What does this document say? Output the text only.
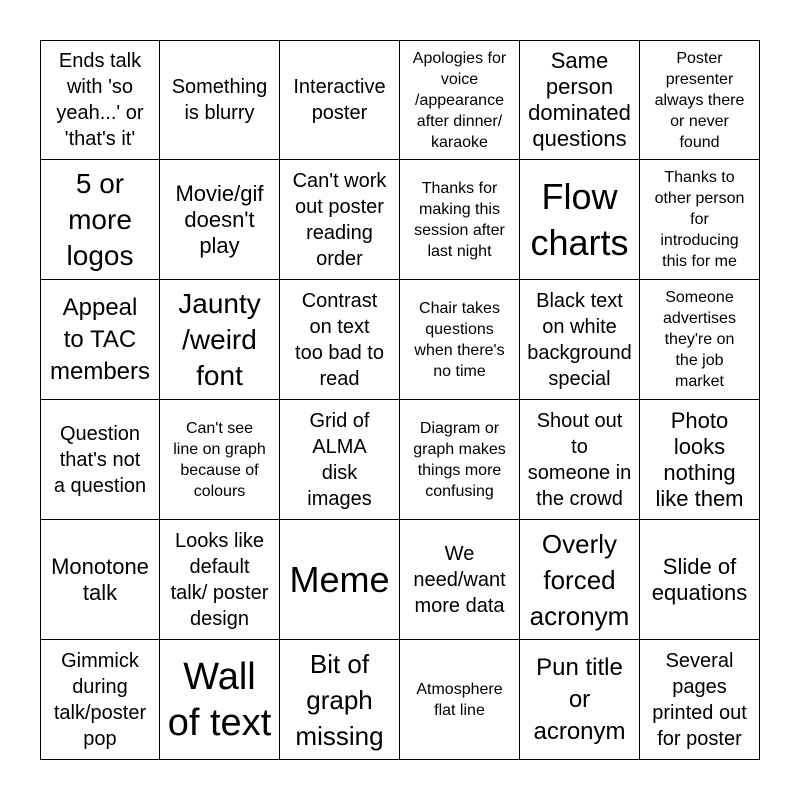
Ends talk
with 'so
yeah...' or
'that's it'
Something
is blurry
Interactive
poster
Apologies for
voice
/appearance
after dinner/
karaoke
Same
person
dominated
questions
Poster
presenter
always there
or never
found
5 or
more
logos
Movie/gif
doesn't
play
Can't work
out poster
reading
order
Thanks for
making this
session after
last night
Flow
charts
Thanks to
other person
for
introducing
this for me
Appeal
to TAC
members
Jaunty
/weird
font
Contrast
on text
too bad to
read
Chair takes
questions
when there's
no time
Black text
on white
background
special
Someone
advertises
they're on
the job
market
Question
that's not
a question
Can't see
line on graph
because of
colours
Grid of
ALMA
disk
images
Diagram or
graph makes
things more
confusing
Shout out
to
someone in
the crowd
Photo
looks
nothing
like them
Monotone
talk
Looks like
default
talk/ poster
design
Meme
We
need/want
more data
Overly
forced
acronym
Slide of
equations
Gimmick
during
talk/poster
pop
Wall
of text
Bit of
graph
missing
Atmosphere
flat line
Pun title
or
acronym
Several
pages
printed out
for poster
